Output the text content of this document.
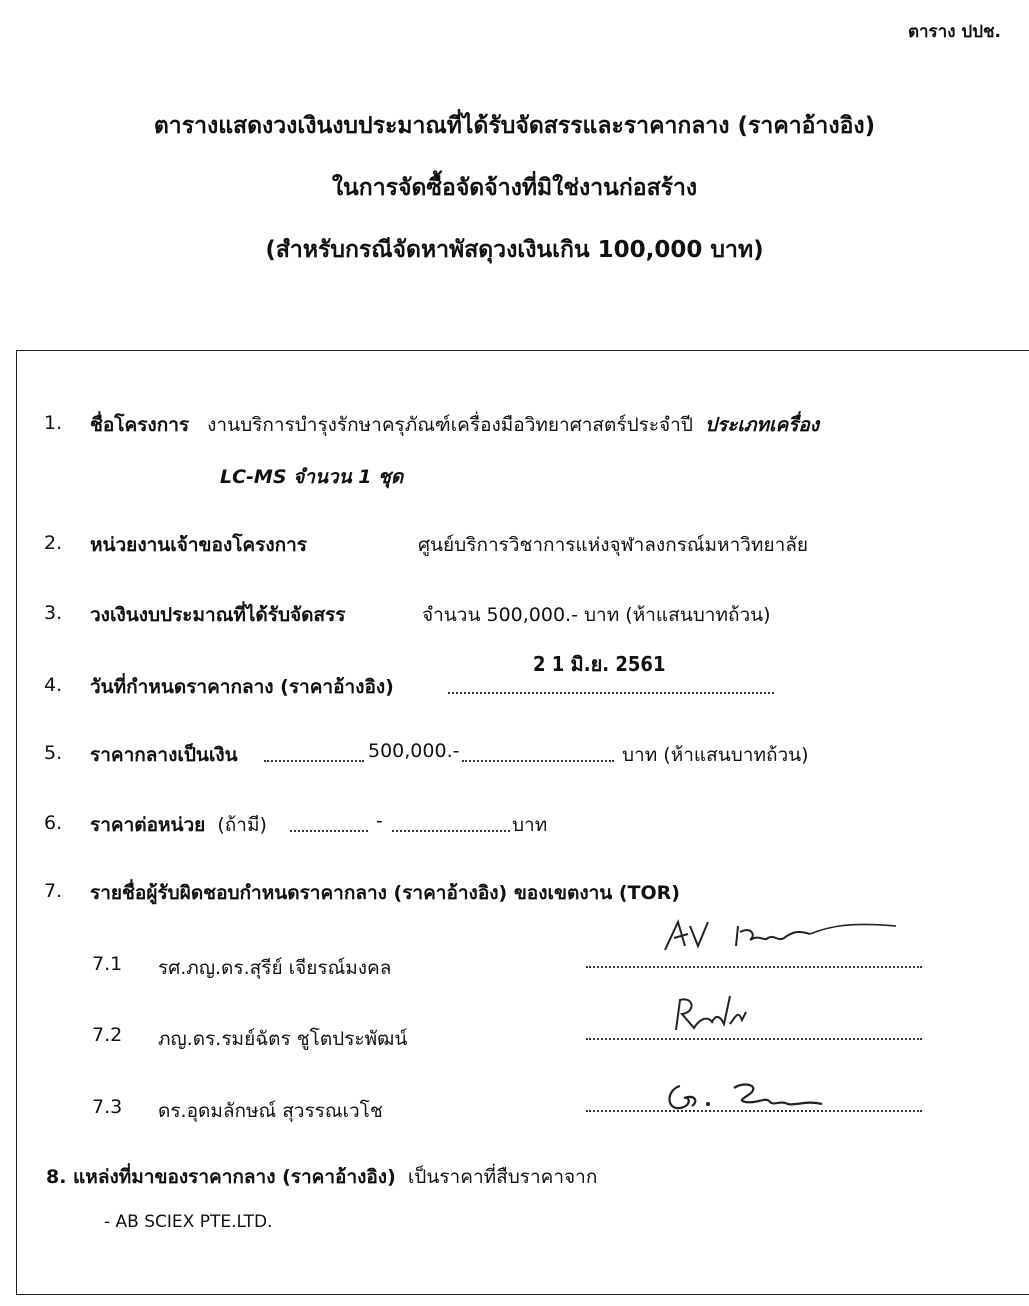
ตาราง ปปช.
ตารางแสดงวงเงินงบประมาณที่ได้รับจัดสรรและราคากลาง (ราคาอ้างอิง)
ในการจัดซื้อจัดจ้างที่มิใช่งานก่อสร้าง
(สำหรับกรณีจัดหาพัสดุวงเงินเกิน 100,000 บาท)
1. ชื่อโครงการ งานบริการบำรุงรักษาครุภัณฑ์เครื่องมือวิทยาศาสตร์ประจำปี ประเภทเครื่อง
LC-MS จำนวน 1 ชุด
2. หน่วยงานเจ้าของโครงการ	ศูนย์บริการวิชาการแห่งจุฬาลงกรณ์มหาวิทยาลัย
3. วงเงินงบประมาณที่ได้รับจัดสรร	จำนวน 500,000.- บาท (ห้าแสนบาทถ้วน)
4. วันที่กำหนดราคากลาง (ราคาอ้างอิง)
2 1 มิ.ย. 2561
5. ราคากลางเป็นเงิน	500,000.-	บาท (ห้าแสนบาทถ้วน)
6. ราคาต่อหน่วย (ถ้ามี)	-	บาท
7. รายชื่อผู้รับผิดชอบกำหนดราคากลาง (ราคาอ้างอิง) ของเขตงาน (TOR)
7.1 รศ.ภญ.ดร.สุรีย์ เจียรณ์มงคล
7.2 ภญ.ดร.รมย์ฉัตร ชูโตประพัฒน์
7.3 ดร.อุดมลักษณ์ สุวรรณเวโช
8. แหล่งที่มาของราคากลาง (ราคาอ้างอิง) เป็นราคาที่สืบราคาจาก
- AB SCIEX PTE.LTD.
